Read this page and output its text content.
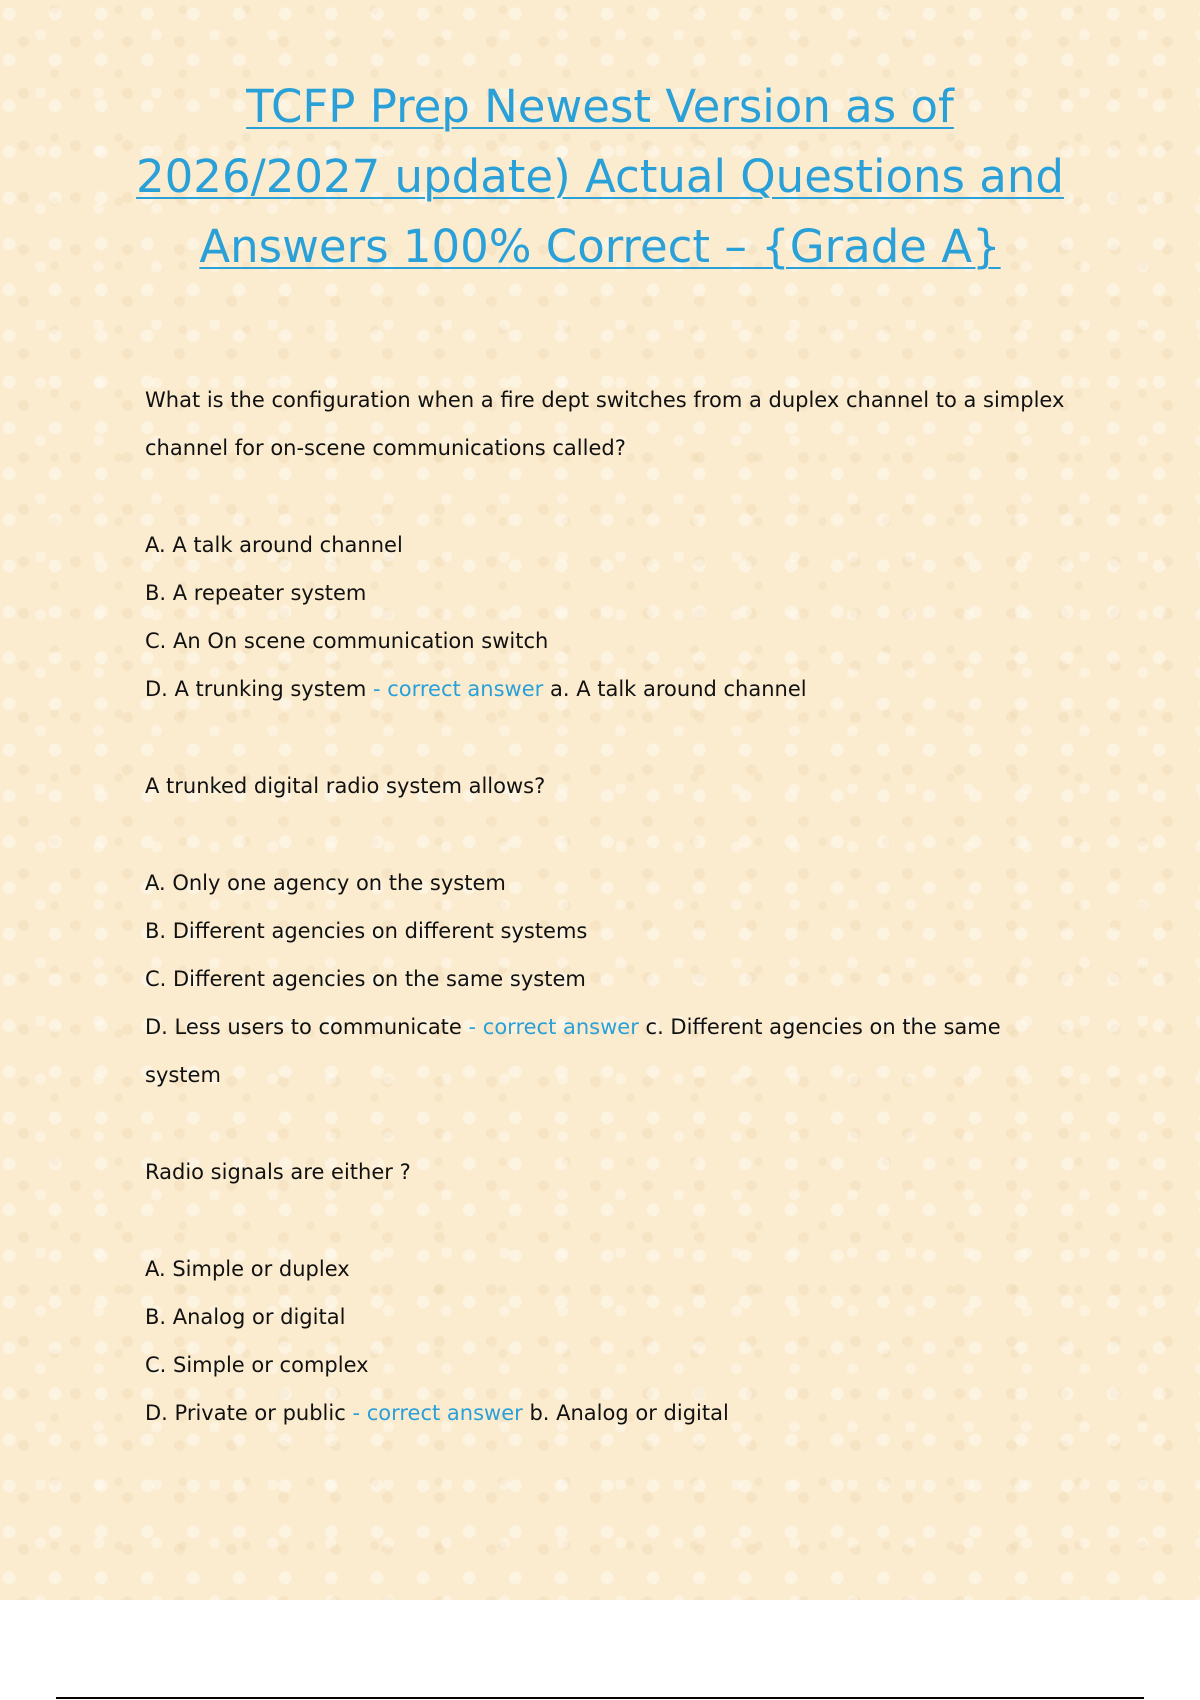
TCFP Prep Newest Version as of
2026/2027 update) Actual Questions and
Answers 100% Correct – {Grade A}

What is the configuration when a fire dept switches from a duplex channel to a simplex channel for on-scene communications called?

A. A talk around channel

B. A repeater system

C. An On scene communication switch

D. A trunking system - correct answer a. A talk around channel

A trunked digital radio system allows?

A. Only one agency on the system

B. Different agencies on different systems

C. Different agencies on the same system

D. Less users to communicate - correct answer c. Different agencies on the same system

Radio signals are either ?

A. Simple or duplex

B. Analog or digital

C. Simple or complex

D. Private or public - correct answer b. Analog or digital
